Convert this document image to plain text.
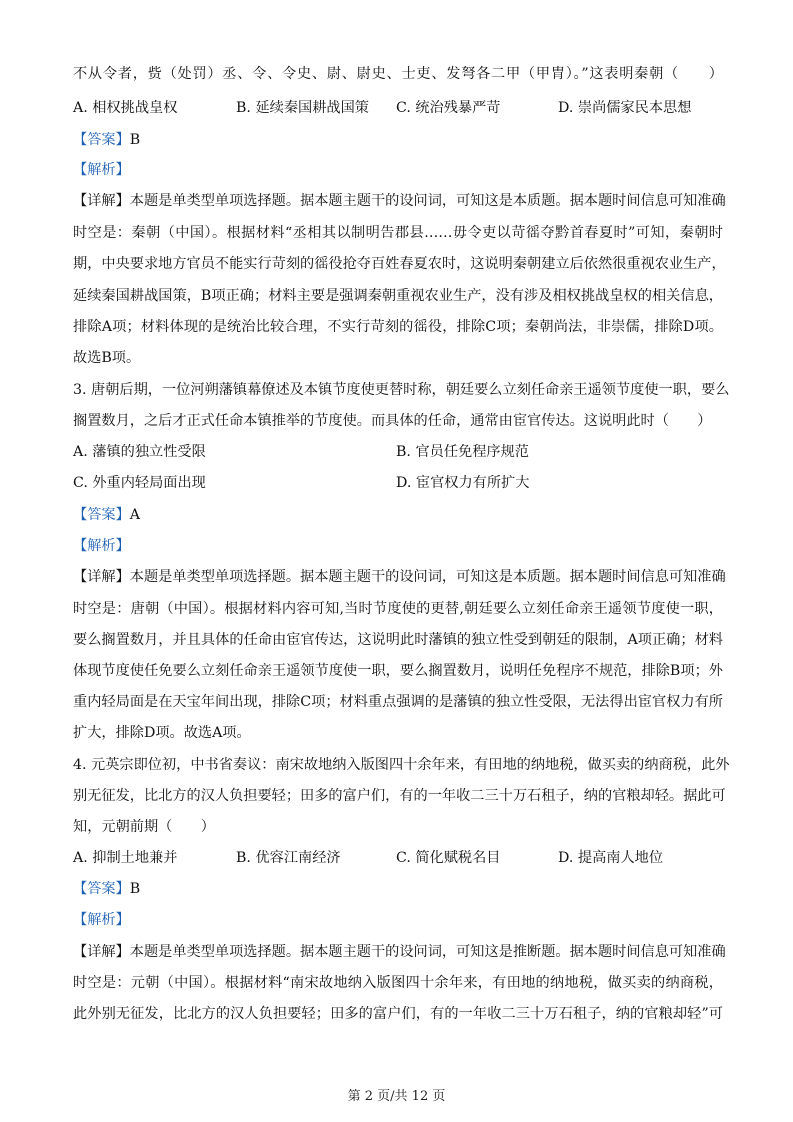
不从令者，赀（处罚）丞、令、令史、尉、尉史、士吏、发弩各二甲（甲胄）。”这表明秦朝（　　）
A. 相权挑战皇权	B. 延续秦国耕战国策 C. 统治残暴严苛	D. 崇尚儒家民本思想
【答案】B
【解析】
【详解】本题是单类型单项选择题。据本题主题干的设问词，可知这是本质题。据本题时间信息可知准确
时空是：秦朝（中国）。根据材料“丞相其以制明告郡县……毋令吏以苛徭夺黔首春夏时”可知，秦朝时
期，中央要求地方官员不能实行苛刻的徭役抢夺百姓春夏农时，这说明秦朝建立后依然很重视农业生产，
延续秦国耕战国策，B项正确；材料主要是强调秦朝重视农业生产，没有涉及相权挑战皇权的相关信息，
排除A项；材料体现的是统治比较合理，不实行苛刻的徭役，排除C项；秦朝尚法，非崇儒，排除D项。
故选B项。
3. 唐朝后期，一位河朔藩镇幕僚述及本镇节度使更替时称，朝廷要么立刻任命亲王遥领节度使一职，要么
搁置数月，之后才正式任命本镇推举的节度使。而具体的任命，通常由宦官传达。这说明此时（　　）
A. 藩镇的独立性受限	B. 官员任免程序规范
C. 外重内轻局面出现	D. 宦官权力有所扩大
【答案】A
【解析】
【详解】本题是单类型单项选择题。据本题主题干的设问词，可知这是本质题。据本题时间信息可知准确
时空是：唐朝（中国）。根据材料内容可知,当时节度使的更替,朝廷要么立刻任命亲王遥领节度使一职，
要么搁置数月，并且具体的任命由宦官传达，这说明此时藩镇的独立性受到朝廷的限制，A项正确；材料
体现节度使任免要么立刻任命亲王遥领节度使一职，要么搁置数月，说明任免程序不规范，排除B项；外
重内轻局面是在天宝年间出现，排除C项；材料重点强调的是藩镇的独立性受限，无法得出宦官权力有所
扩大，排除D项。故选A项。
4. 元英宗即位初，中书省奏议：南宋故地纳入版图四十余年来，有田地的纳地税，做买卖的纳商税，此外
别无征发，比北方的汉人负担要轻；田多的富户们，有的一年收二三十万石租子，纳的官粮却轻。据此可
知，元朝前期（　　）
A. 抑制土地兼并	B. 优容江南经济	C. 简化赋税名目	D. 提高南人地位
【答案】B
【解析】
【详解】本题是单类型单项选择题。据本题主题干的设问词，可知这是推断题。据本题时间信息可知准确
时空是：元朝（中国）。根据材料“南宋故地纳入版图四十余年来，有田地的纳地税，做买卖的纳商税，
此外别无征发，比北方的汉人负担要轻；田多的富户们，有的一年收二三十万石租子，纳的官粮却轻”可
第 2 页/共 12 页
